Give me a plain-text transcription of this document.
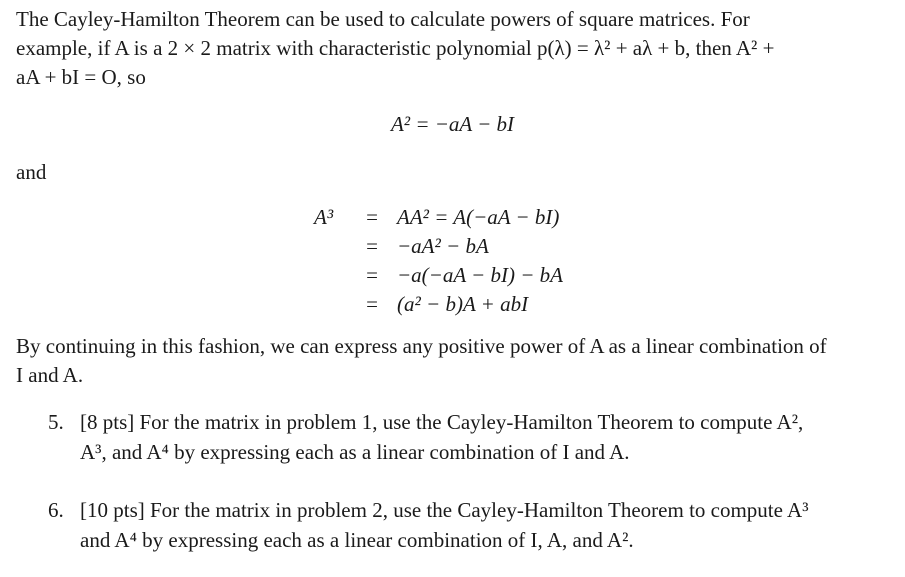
The Cayley-Hamilton Theorem can be used to calculate powers of square matrices. For
example, if A is a 2 × 2 matrix with characteristic polynomial p(λ) = λ² + aλ + b, then A² +
aA + bI = O, so

A² = −aA − bI
and
A³	= AA² = A(−aA − bI)
= −aA² − bA
= −a(−aA − bI) − bA
= (a² − b)A + abI

By continuing in this fashion, we can express any positive power of A as a linear combination of
I and A.

5. [8 pts] For the matrix in problem 1, use the Cayley-Hamilton Theorem to compute A²,
A³, and A⁴ by expressing each as a linear combination of I and A.
6. [10 pts] For the matrix in problem 2, use the Cayley-Hamilton Theorem to compute A³
and A⁴ by expressing each as a linear combination of I, A, and A².
